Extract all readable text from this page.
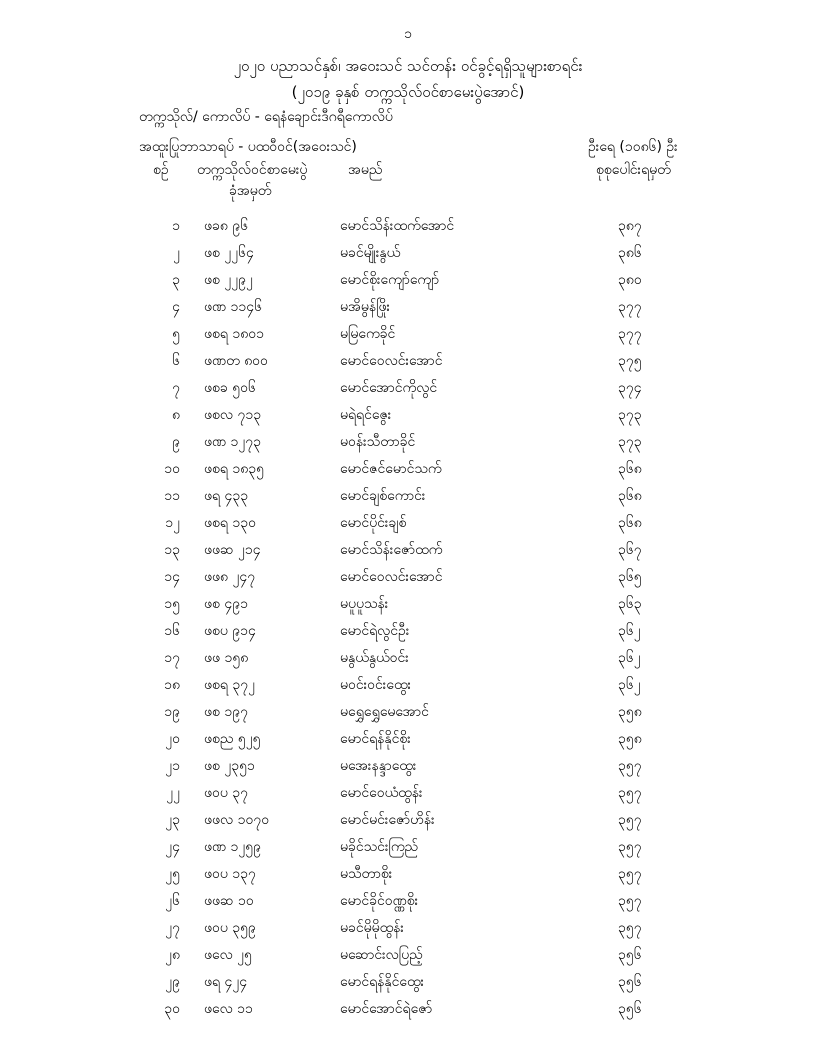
၁
၂၀၂၀ ပညာသင်နှစ်၊ အဝေးသင် သင်တန်း ဝင်ခွင့်ရရှိသူများစာရင်း
(၂၀၁၉ ခုနှစ် တက္ကသိုလ်ဝင်စာမေးပွဲအောင်)
တက္ကသိုလ်/ ကောလိပ် - ရေနံချောင်းဒီဂရီကောလိပ်
အထူးပြုဘာသာရပ် - ပထဝီဝင်(အဝေးသင်)	ဦးရေ (၁၀၈၆) ဦး
စဉ် တက္ကသိုလ်ဝင်စာမေးပွဲ
ခုံအမှတ်
အမည်	စုစုပေါင်းရမှတ်
၁ ဖခ၈ ၉၆	မောင်သိန်းထက်အောင်	၃၈၇
၂ ဖစ ၂၂၆၄	မခင်မျိုးနွယ်	၃၈၆
၃ ဖစ ၂၂၉၂	မောင်စိုးကျော်ကျော်	၃၈၀
၄ ဖဏ ၁၁၄၆	မအိမွန်ဖြိုး	၃၇၇
၅ ဖစရ ၁၈၀၁	မမြကေခိုင်	၃၇၇
၆ ဖဏတ ၈၀၀	မောင်ဝေလင်းအောင်	၃၇၅
၇ ဖစခ ၅၀၆	မောင်အောင်ကိုလွင်	၃၇၄
၈ ဖစလ ၇၁၃	မရဲရင်ဇွေး	၃၇၃
၉ ဖဏ ၁၂၇၃	မဝန်းသီတာခိုင်	၃၇၃
၁၀ ဖစရ ၁၈၃၅	မောင်ဇင်မောင်သက်	၃၆၈
၁၁ ဖရ ၄၃၃	မောင်ချစ်ကောင်း	၃၆၈
၁၂ ဖစရ ၁၃၀	မောင်ပိုင်းချစ်	၃၆၈
၁၃ ဖဖဆ ၂၁၄	မောင်သိန်းဇော်ထက်	၃၆၇
၁၄ ဖဖ၈ ၂၄၇	မောင်ဝေလင်းအောင်	၃၆၅
၁၅ ဖစ ၄၉၁	မပူပူသန်း	၃၆၃
၁၆ ဖစပ ၉၁၄	မောင်ရဲလွင်ဦး	၃၆၂
၁၇ ဖဖ ၁၅၈	မနွယ်နွယ်ဝင်း	၃၆၂
၁၈ ဖစရ ၃၇၂	မဝင်းဝင်းထွေး	၃၆၂
၁၉ ဖစ ၁၉၇	မရွှေရွှေမေအောင်	၃၅၈
၂၀ ဖစည ၅၂၅	မောင်ရန်နိုင်စိုး	၃၅၈
၂၁ ဖစ ၂၃၅၁	မအေးနန္ဒာထွေး	၃၅၇
၂၂ ဖဝပ ၃၇	မောင်ဝေယံထွန်း	၃၅၇
၂၃ ဖဖလ ၁၀၇၀	မောင်မင်းဇော်ဟိန်း	၃၅၇
၂၄ ဖဏ ၁၂၅၉	မခိုင်သင်းကြည်	၃၅၇
၂၅ ဖဝပ ၁၃၇	မသီတာစိုး	၃၅၇
၂၆ ဖဖဆ ၁၀	မောင်ခိုင်ဝဏ္ဏစိုး	၃၅၇
၂၇ ဖဝပ ၃၅၉	မခင်မိုမိုထွန်း	၃၅၇
၂၈ ဖလေ ၂၅	မဆောင်းလပြည့်	၃၅၆
၂၉ ဖရ ၄၂၄	မောင်ရန်နိုင်ထွေး	၃၅၆
၃၀ ဖလေ ၁၁	မောင်အောင်ရဲဇော်	၃၅၆
